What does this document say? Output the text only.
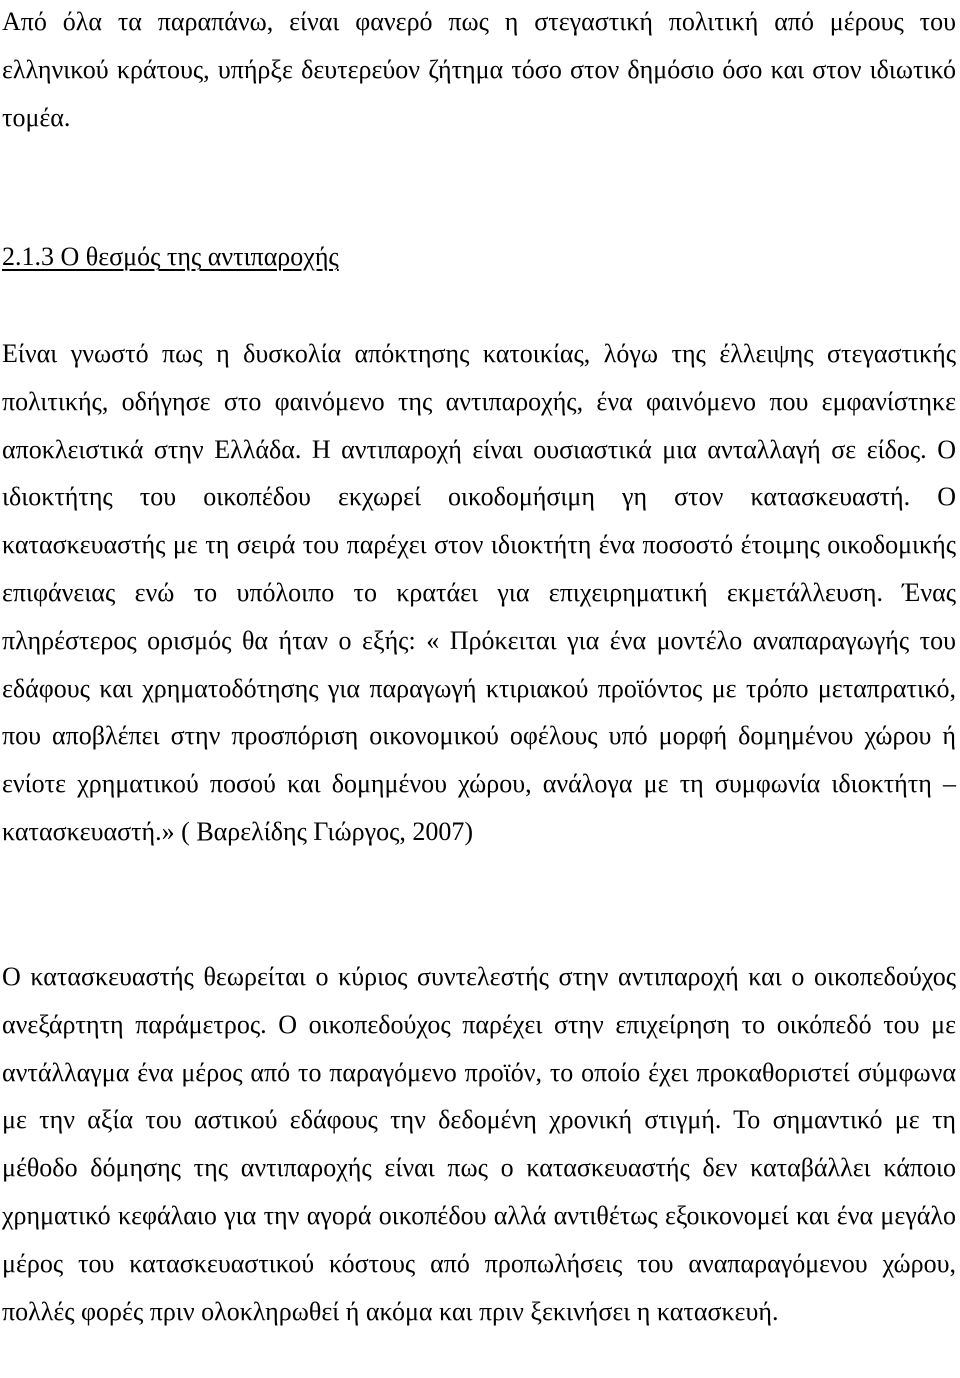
Από όλα τα παραπάνω, είναι φανερό πως η στεγαστική πολιτική από μέρους του ελληνικού κράτους, υπήρξε δευτερεύον ζήτημα τόσο στον δημόσιο όσο και στον ιδιωτικό τομέα.

2.1.3 Ο θεσμός της αντιπαροχής

Είναι γνωστό πως η δυσκολία απόκτησης κατοικίας, λόγω της έλλειψης στεγαστικής πολιτικής, οδήγησε στο φαινόμενο της αντιπαροχής, ένα φαινόμενο που εμφανίστηκε αποκλειστικά στην Ελλάδα. Η αντιπαροχή είναι ουσιαστικά μια ανταλλαγή σε είδος. Ο ιδιοκτήτης του οικοπέδου εκχωρεί οικοδομήσιμη γη στον κατασκευαστή. Ο κατασκευαστής με τη σειρά του παρέχει στον ιδιοκτήτη ένα ποσοστό έτοιμης οικοδομικής επιφάνειας ενώ το υπόλοιπο το κρατάει για επιχειρηματική εκμετάλλευση. Ένας πληρέστερος ορισμός θα ήταν ο εξής: « Πρόκειται για ένα μοντέλο αναπαραγωγής του εδάφους και χρηματοδότησης για παραγωγή κτιριακού προϊόντος με τρόπο μεταπρατικό, που αποβλέπει στην προσπόριση οικονομικού οφέλους υπό μορφή δομημένου χώρου ή ενίοτε χρηματικού ποσού και δομημένου χώρου, ανάλογα με τη συμφωνία ιδιοκτήτη – κατασκευαστή.» ( Βαρελίδης Γιώργος, 2007)

Ο κατασκευαστής θεωρείται ο κύριος συντελεστής στην αντιπαροχή και ο οικοπεδούχος ανεξάρτητη παράμετρος. Ο οικοπεδούχος παρέχει στην επιχείρηση το οικόπεδό του με αντάλλαγμα ένα μέρος από το παραγόμενο προϊόν, το οποίο έχει προκαθοριστεί σύμφωνα με την αξία του αστικού εδάφους την δεδομένη χρονική στιγμή. Το σημαντικό με τη μέθοδο δόμησης της αντιπαροχής είναι πως ο κατασκευαστής δεν καταβάλλει κάποιο χρηματικό κεφάλαιο για την αγορά οικοπέδου αλλά αντιθέτως εξοικονομεί και ένα μεγάλο μέρος του κατασκευαστικού κόστους από προπωλήσεις του αναπαραγόμενου χώρου, πολλές φορές πριν ολοκληρωθεί ή ακόμα και πριν ξεκινήσει η κατασκευή.
